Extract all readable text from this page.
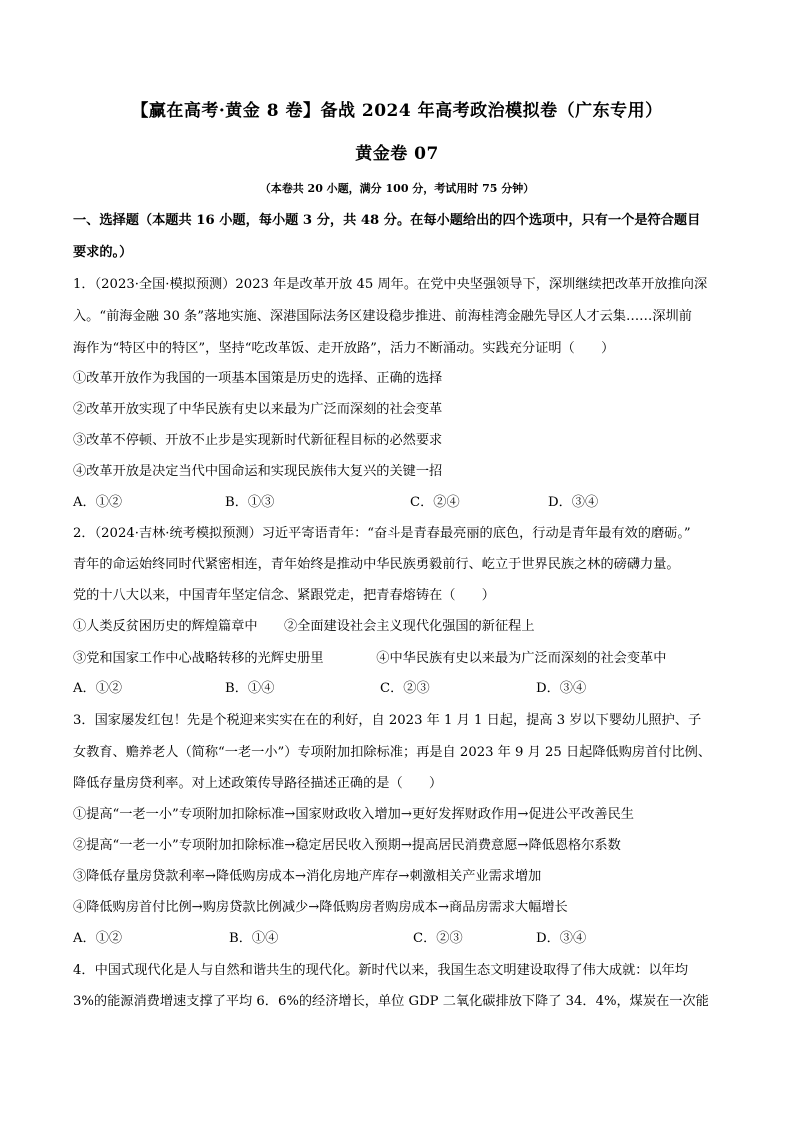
【赢在高考·黄金 8 卷】备战 2024 年高考政治模拟卷（广东专用）
黄金卷 07
（本卷共 20 小题，满分 100 分，考试用时 75 分钟）
一、选择题（本题共 16 小题，每小题 3 分，共 48 分。在每小题给出的四个选项中，只有一个是符合题目
要求的。）
1．（2023·全国·模拟预测）2023 年是改革开放 45 周年。在党中央坚强领导下，深圳继续把改革开放推向深
入。“前海金融 30 条”落地实施、深港国际法务区建设稳步推进、前海桂湾金融先导区人才云集……深圳前
海作为“特区中的特区”，坚持“吃改革饭、走开放路”，活力不断涌动。实践充分证明（　　）
①改革开放作为我国的一项基本国策是历史的选择、正确的选择
②改革开放实现了中华民族有史以来最为广泛而深刻的社会变革
③改革不停顿、开放不止步是实现新时代新征程目标的必然要求
④改革开放是决定当代中国命运和实现民族伟大复兴的关键一招
A．①②	B．①③	C．②④	D．③④
2．（2024·吉林·统考模拟预测）习近平寄语青年：“奋斗是青春最亮丽的底色，行动是青年最有效的磨砺。”
青年的命运始终同时代紧密相连，青年始终是推动中华民族勇毅前行、屹立于世界民族之林的磅礴力量。
党的十八大以来，中国青年坚定信念、紧跟党走，把青春熔铸在（　　）
①人类反贫困历史的辉煌篇章中　　②全面建设社会主义现代化强国的新征程上
③党和国家工作中心战略转移的光辉史册里　　　　④中华民族有史以来最为广泛而深刻的社会变革中
A．①②	B．①④	C．②③	D．③④
3．国家屡发红包！先是个税迎来实实在在的利好，自 2023 年 1 月 1 日起，提高 3 岁以下婴幼儿照护、子
女教育、赡养老人（简称“一老一小”）专项附加扣除标准；再是自 2023 年 9 月 25 日起降低购房首付比例、
降低存量房贷利率。对上述政策传导路径描述正确的是（　　）
①提高“一老一小”专项附加扣除标准→国家财政收入增加→更好发挥财政作用→促进公平改善民生
②提高“一老一小”专项附加扣除标准→稳定居民收入预期→提高居民消费意愿→降低恩格尔系数
③降低存量房贷款利率→降低购房成本→消化房地产库存→刺激相关产业需求增加
④降低购房首付比例→购房贷款比例减少→降低购房者购房成本→商品房需求大幅增长
A．①②	B．①④	C．②③	D．③④
4．中国式现代化是人与自然和谐共生的现代化。新时代以来，我国生态文明建设取得了伟大成就：以年均
3%的能源消费增速支撑了平均 6．6%的经济增长，单位 GDP 二氧化碳排放下降了 34．4%，煤炭在一次能
